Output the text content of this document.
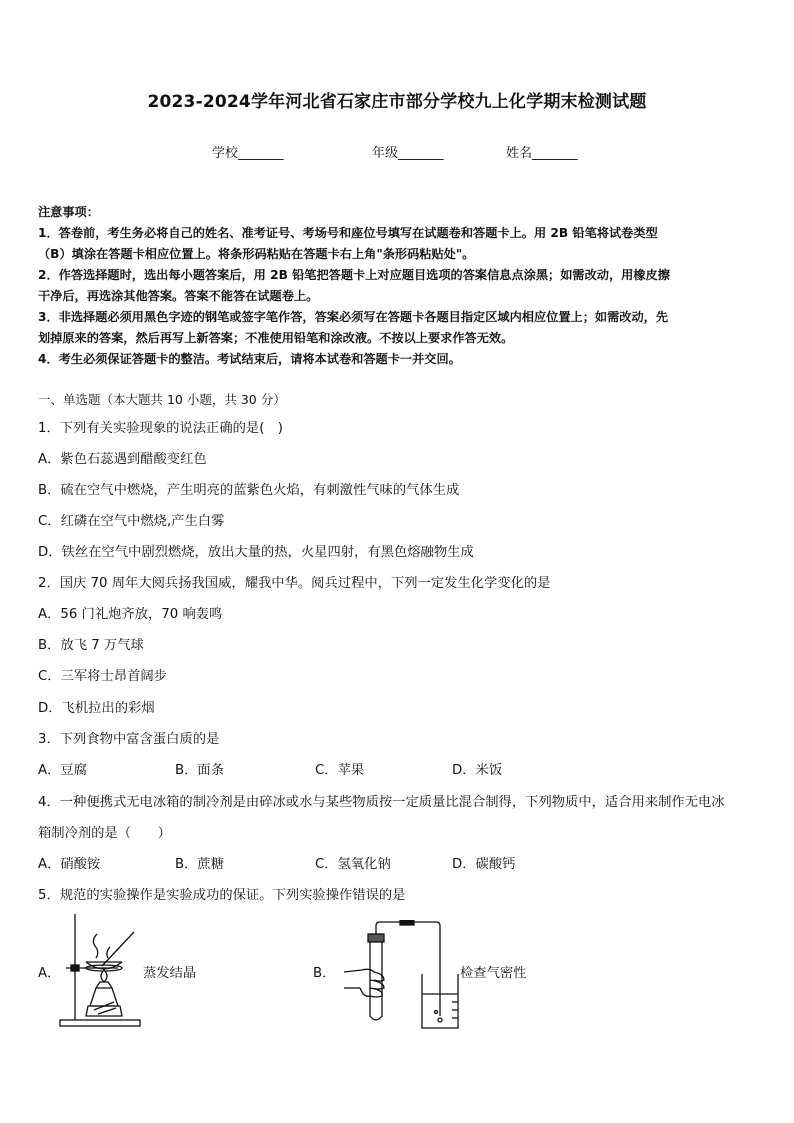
2023-2024学年河北省石家庄市部分学校九上化学期末检测试题
学校_______	年级_______	姓名_______
注意事项：
1．答卷前，考生务必将自己的姓名、准考证号、考场号和座位号填写在试题卷和答题卡上。用 2B 铅笔将试卷类型
（B）填涂在答题卡相应位置上。将条形码粘贴在答题卡右上角"条形码粘贴处"。
2．作答选择题时，选出每小题答案后，用 2B 铅笔把答题卡上对应题目选项的答案信息点涂黑；如需改动，用橡皮擦
干净后，再选涂其他答案。答案不能答在试题卷上。
3．非选择题必须用黑色字迹的钢笔或签字笔作答，答案必须写在答题卡各题目指定区域内相应位置上；如需改动，先
划掉原来的答案，然后再写上新答案；不准使用铅笔和涂改液。不按以上要求作答无效。
4．考生必须保证答题卡的整洁。考试结束后，请将本试卷和答题卡一并交回。
一、单选题（本大题共 10 小题，共 30 分）
1．下列有关实验现象的说法正确的是(　)
A．紫色石蕊遇到醋酸变红色
B．硫在空气中燃烧，产生明亮的蓝紫色火焰，有刺激性气味的气体生成
C．红磷在空气中燃烧,产生白雾
D．铁丝在空气中剧烈燃烧，放出大量的热，火星四射，有黑色熔融物生成
2．国庆 70 周年大阅兵扬我国威，耀我中华。阅兵过程中，下列一定发生化学变化的是
A．56 门礼炮齐放，70 响轰鸣
B．放飞 7 万气球
C．三军将士昂首阔步
D．飞机拉出的彩烟
3．下列食物中富含蛋白质的是
A．豆腐	B．面条	C．苹果	D．米饭
4．一种便携式无电冰箱的制冷剂是由碎冰或水与某些物质按一定质量比混合制得，下列物质中，适合用来制作无电冰
箱制冷剂的是（　　）
A．硝酸铵	B．蔗糖	C．氢氧化钠	D．碳酸钙
5．规范的实验操作是实验成功的保证。下列实验操作错误的是
A．	蒸发结晶	B．	检查气密性
